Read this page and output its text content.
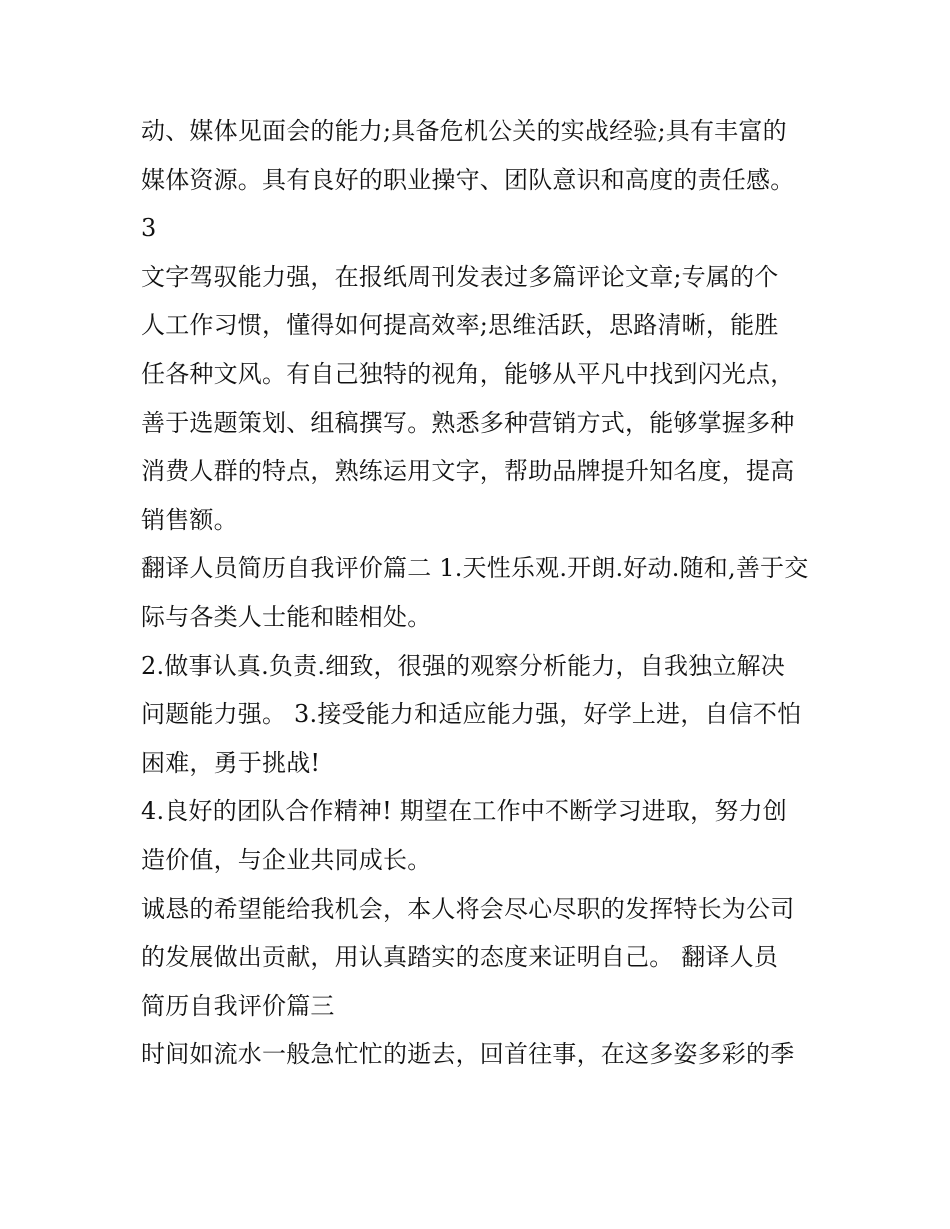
动、媒体见面会的能力;具备危机公关的实战经验;具有丰富的
媒体资源。具有良好的职业操守、团队意识和高度的责任感。
3
文字驾驭能力强，在报纸周刊发表过多篇评论文章;专属的个
人工作习惯，懂得如何提高效率;思维活跃，思路清晰，能胜
任各种文风。有自己独特的视角，能够从平凡中找到闪光点，
善于选题策划、组稿撰写。熟悉多种营销方式，能够掌握多种
消费人群的特点，熟练运用文字，帮助品牌提升知名度，提高
销售额。
翻译人员简历自我评价篇二 1.天性乐观.开朗.好动.随和,善于交
际与各类人士能和睦相处。
2.做事认真.负责.细致，很强的观察分析能力，自我独立解决
问题能力强。 3.接受能力和适应能力强，好学上进，自信不怕
困难，勇于挑战!
4.良好的团队合作精神! 期望在工作中不断学习进取，努力创
造价值，与企业共同成长。
诚恳的希望能给我机会，本人将会尽心尽职的发挥特长为公司
的发展做出贡献，用认真踏实的态度来证明自己。 翻译人员
简历自我评价篇三
时间如流水一般急忙忙的逝去，回首往事，在这多姿多彩的季
